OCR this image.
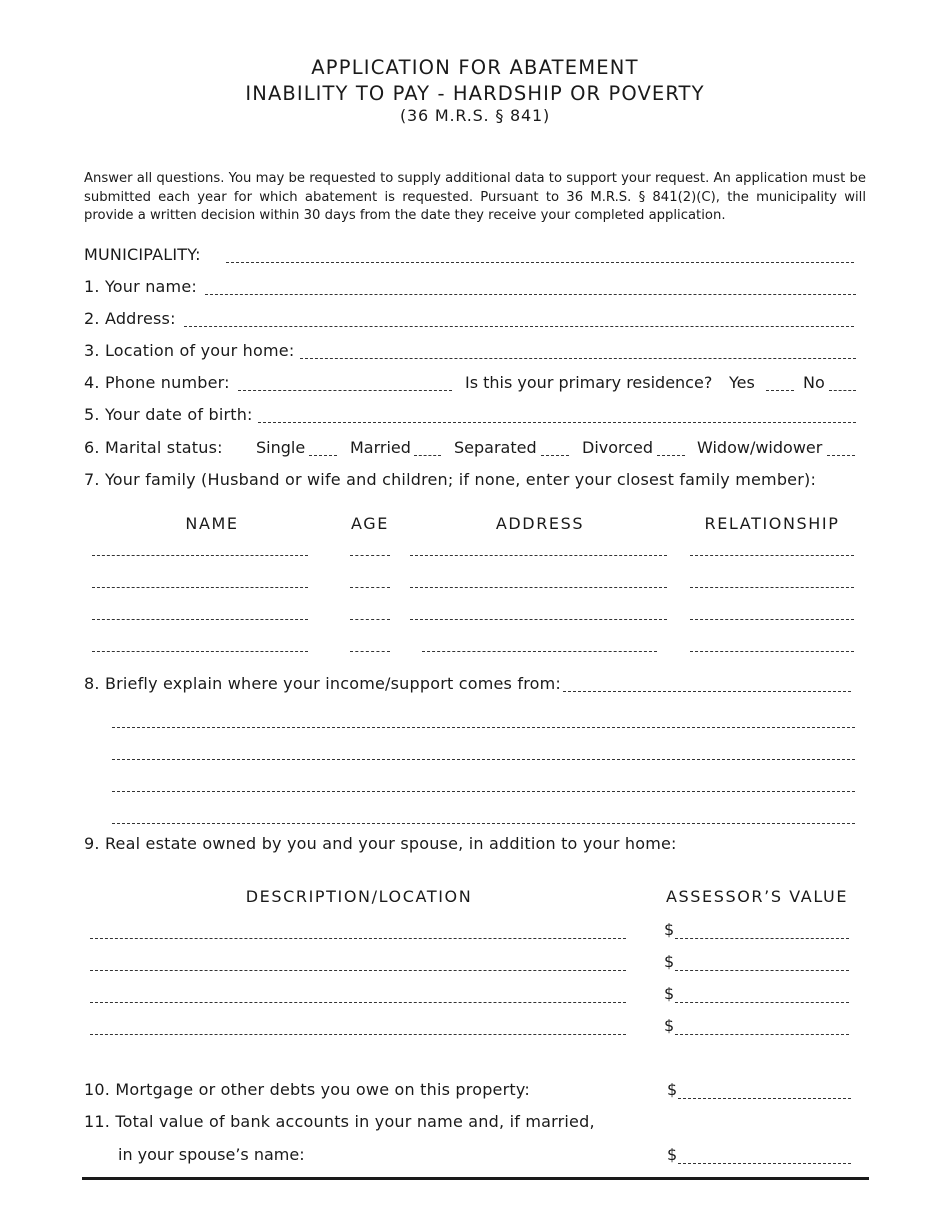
APPLICATION FOR ABATEMENT
INABILITY TO PAY - HARDSHIP OR POVERTY
(36 M.R.S. § 841)

Answer all questions. You may be requested to supply additional data to support your request. An application must be submitted each year for which abatement is requested. Pursuant to 36 M.R.S. § 841(2)(C), the municipality will provide a written decision within 30 days from the date they receive your completed application.

MUNICIPALITY:
1. Your name:
2. Address:
3. Location of your home:
4. Phone number:	Is this your primary residence? Yes	No
5. Your date of birth:
6. Marital status: Single	Married	Separated	Divorced	Widow/widower
7. Your family (Husband or wife and children; if none, enter your closest family member):
NAME	AGE	ADDRESS	RELATIONSHIP
8. Briefly explain where your income/support comes from:
9. Real estate owned by you and your spouse, in addition to your home:
DESCRIPTION/LOCATION	ASSESSOR’S VALUE
$
$
$
$
10. Mortgage or other debts you owe on this property:	$
11. Total value of bank accounts in your name and, if married,
in your spouse’s name:	$
